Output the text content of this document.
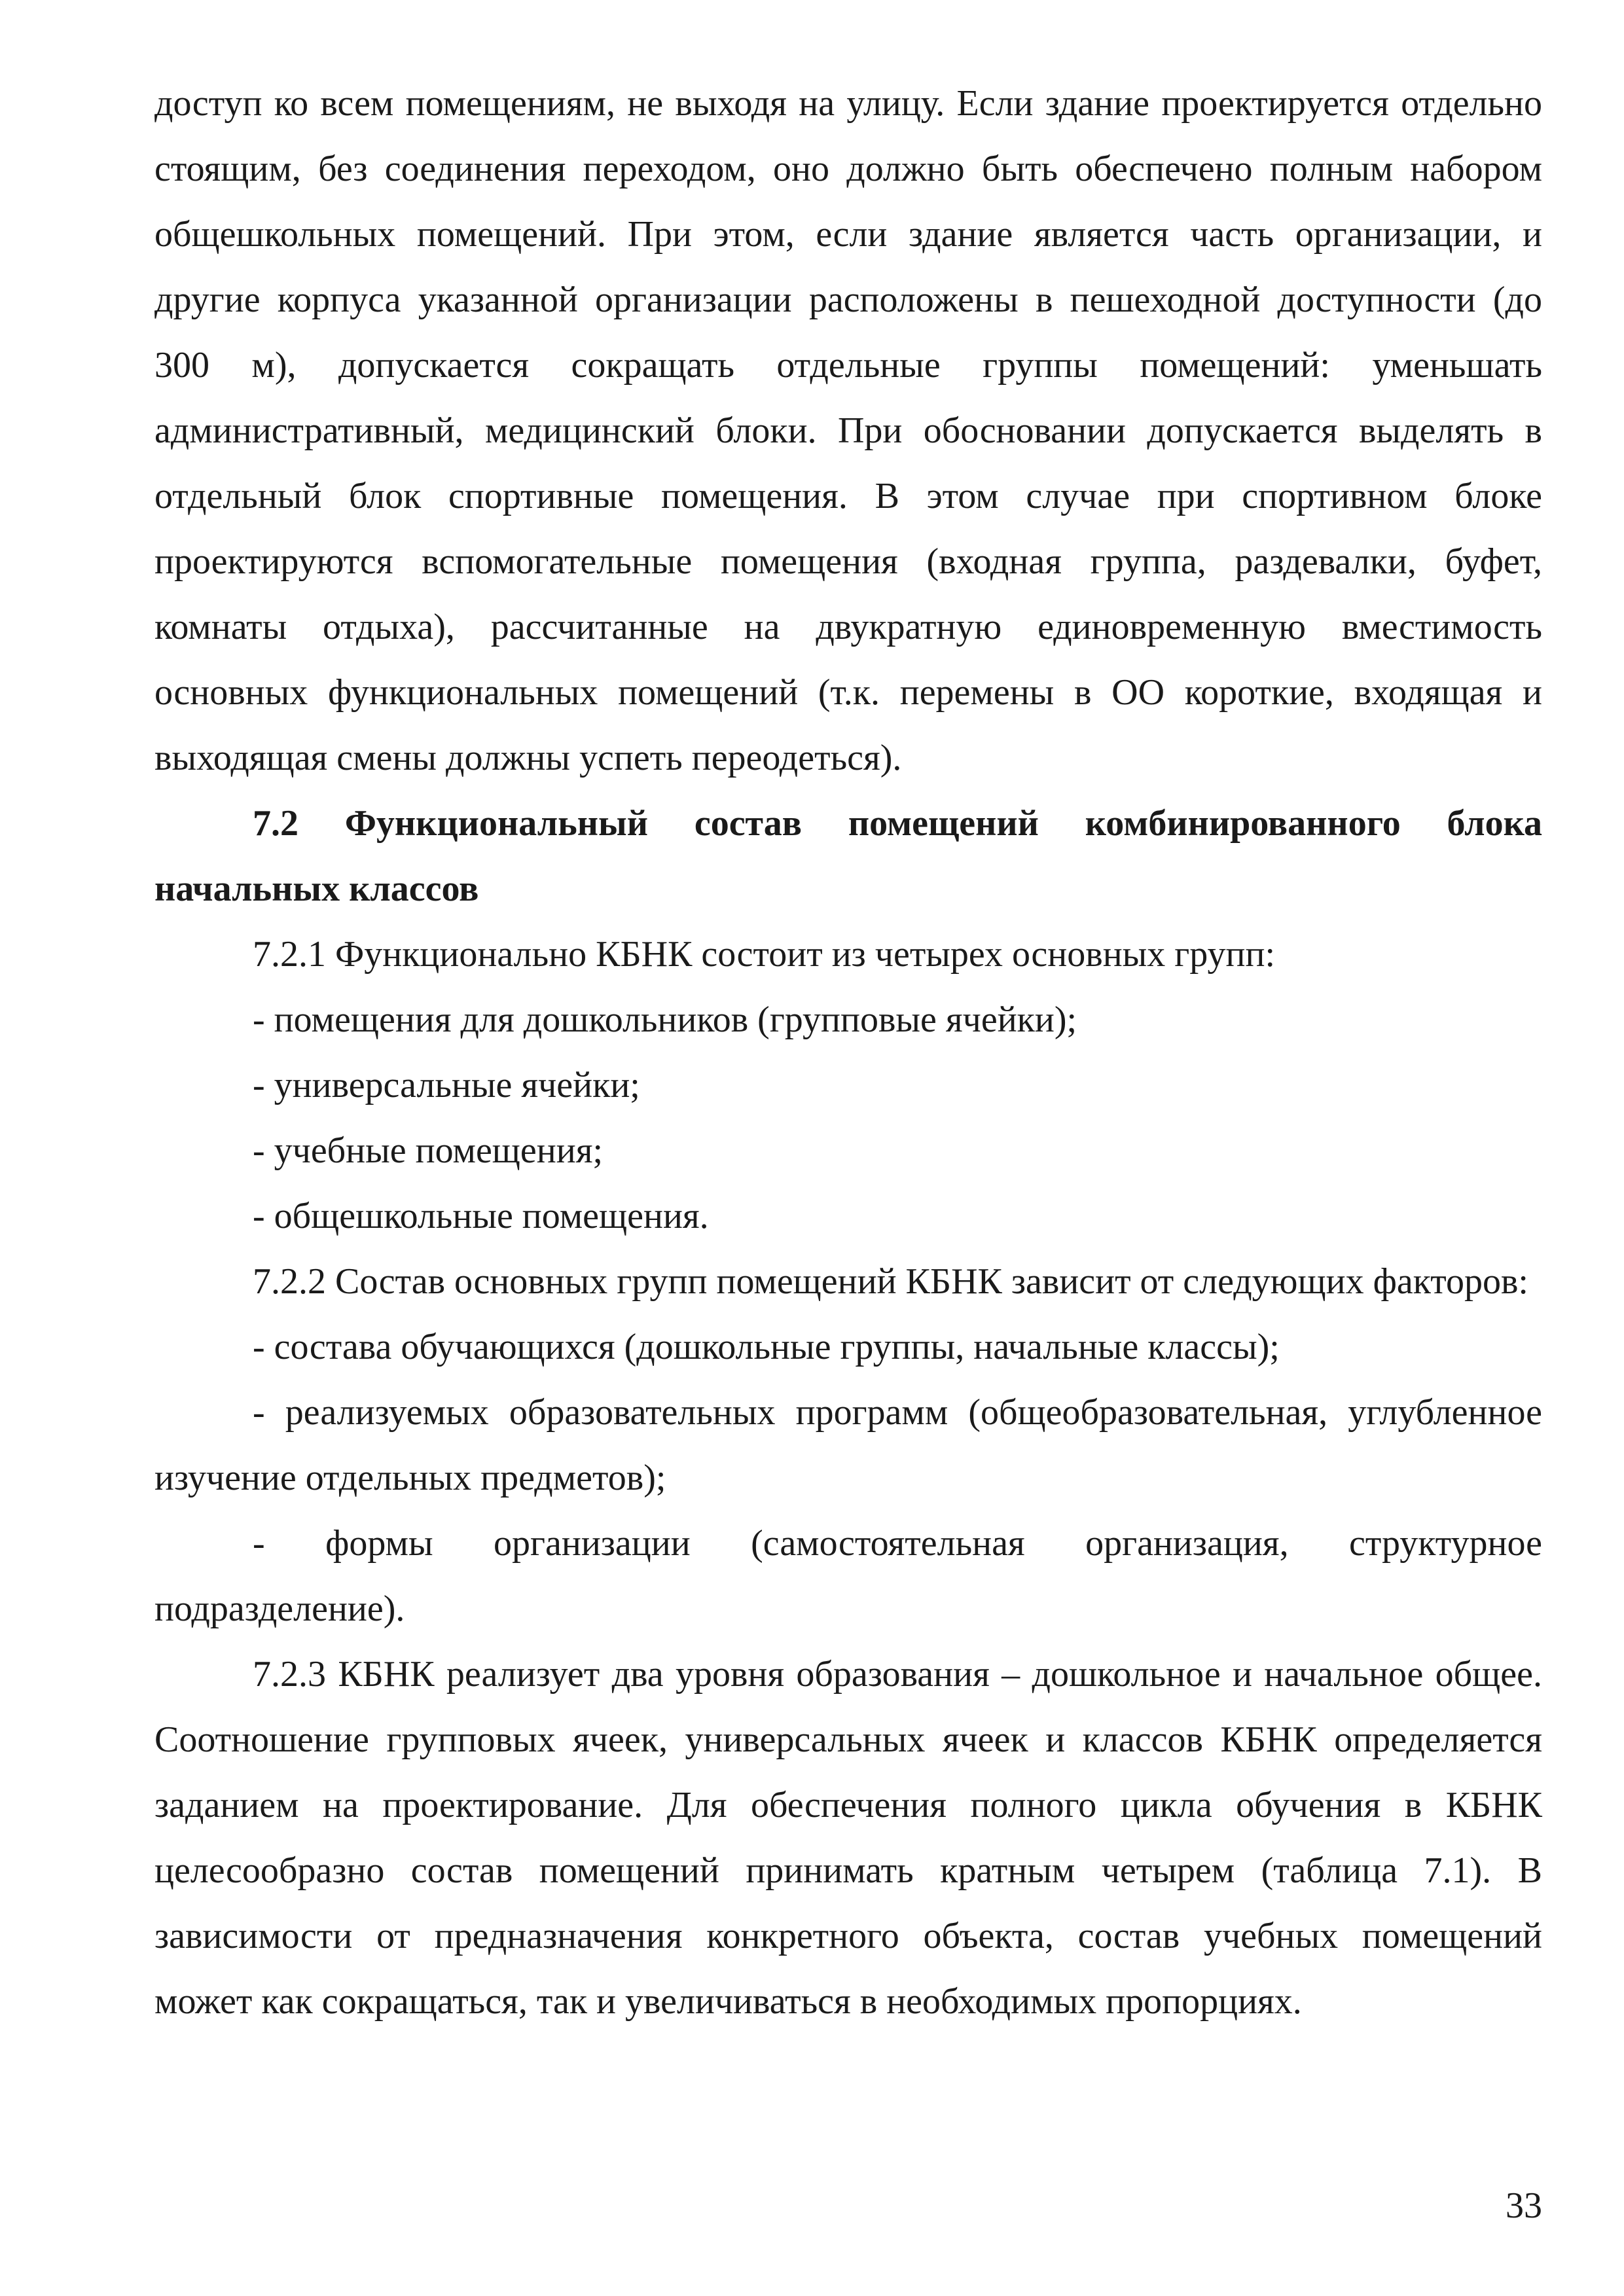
доступ ко всем помещениям, не выходя на улицу. Если здание проектируется отдельно стоящим, без соединения переходом, оно должно быть обеспечено полным набором общешкольных помещений. При этом, если здание является часть организации, и другие корпуса указанной организации расположены в пешеходной доступности (до 300 м), допускается сокращать отдельные группы помещений: уменьшать административный, медицинский блоки. При обосновании допускается выделять в отдельный блок спортивные помещения. В этом случае при спортивном блоке проектируются вспомогательные помещения (входная группа, раздевалки, буфет, комнаты отдыха), рассчитанные на двукратную единовременную вместимость основных функциональных помещений (т.к. перемены в ОО короткие, входящая и выходящая смены должны успеть переодеться).

7.2 Функциональный состав помещений комбинированного блока начальных классов

7.2.1 Функционально КБНК состоит из четырех основных групп:

- помещения для дошкольников (групповые ячейки);

- универсальные ячейки;

- учебные помещения;

- общешкольные помещения.

7.2.2 Состав основных групп помещений КБНК зависит от следующих факторов:

- состава обучающихся (дошкольные группы, начальные классы);

- реализуемых образовательных программ (общеобразовательная, углубленное изучение отдельных предметов);

- формы организации (самостоятельная организация, структурное подразделение).

7.2.3 КБНК реализует два уровня образования – дошкольное и начальное общее. Соотношение групповых ячеек, универсальных ячеек и классов КБНК определяется заданием на проектирование. Для обеспечения полного цикла обучения в КБНК целесообразно состав помещений принимать кратным четырем (таблица 7.1). В зависимости от предназначения конкретного объекта, состав учебных помещений может как сокращаться, так и увеличиваться в необходимых пропорциях.

33
